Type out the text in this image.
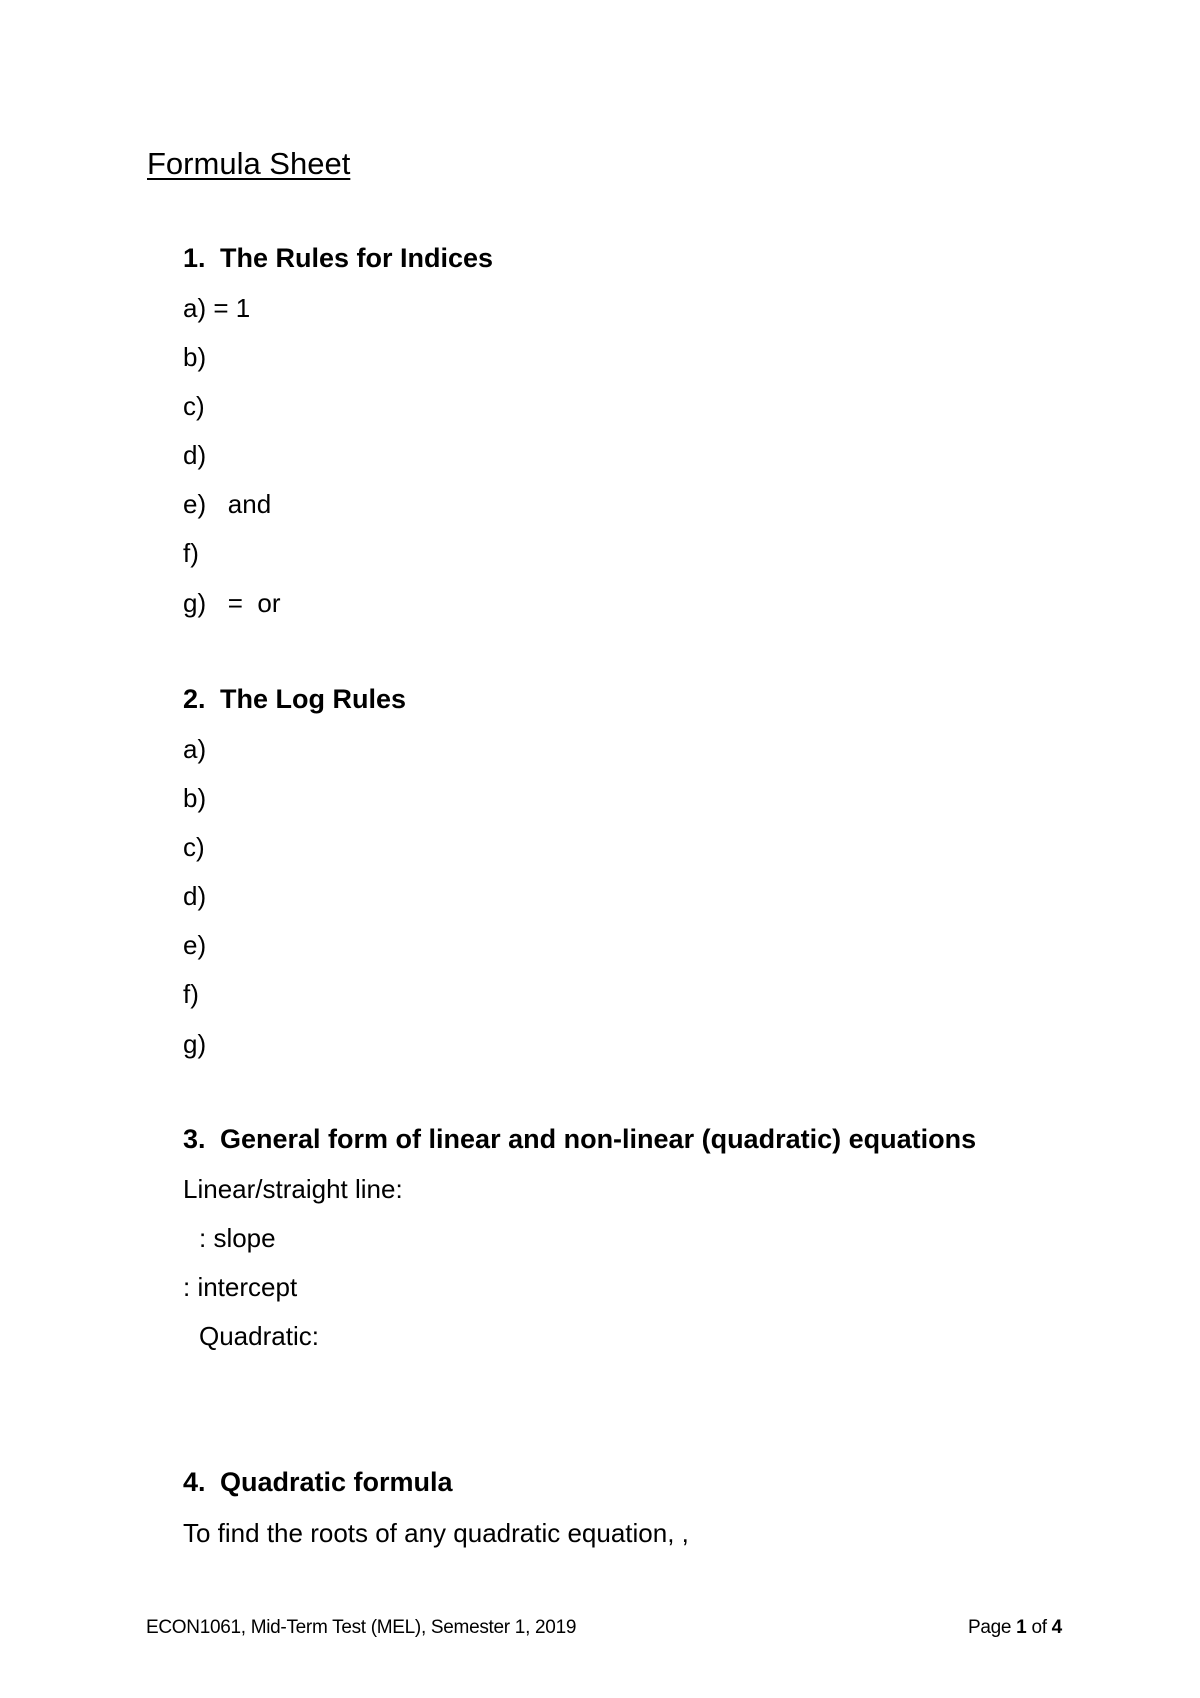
Formula Sheet
1. The Rules for Indices
a) = 1
b)
c)
d)
e)   and
f)
g)   =  or
2. The Log Rules
a)
b)
c)
d)
e)
f)
g)
3. General form of linear and non-linear (quadratic) equations
Linear/straight line:
: slope
: intercept
Quadratic:
4. Quadratic formula
To find the roots of any quadratic equation, ,
ECON1061, Mid-Term Test (MEL), Semester 1, 2019	Page 1 of 4
